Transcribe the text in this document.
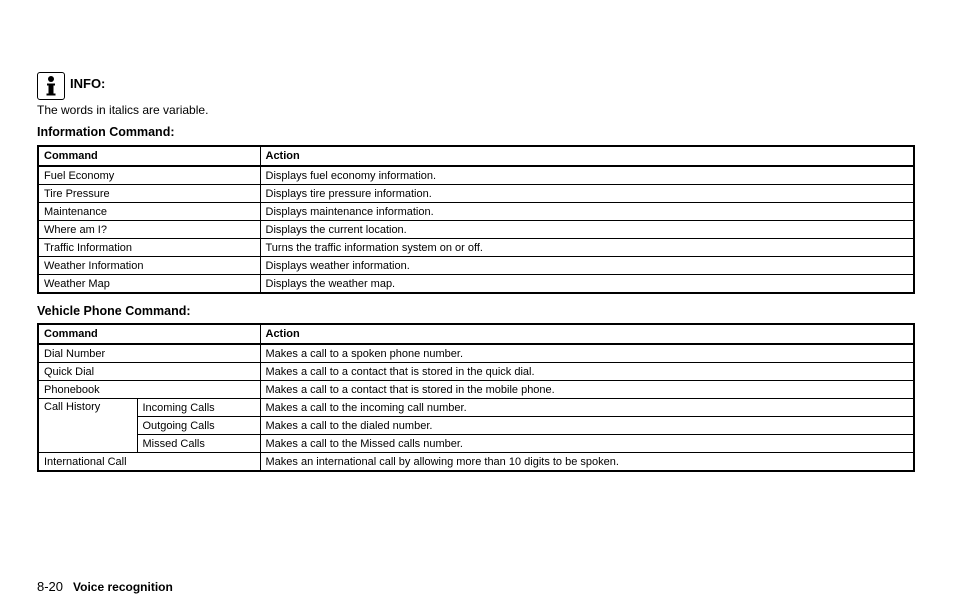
INFO:
The words in italics are variable.
Information Command:
Command	Action
Fuel Economy	Displays fuel economy information.
Tire Pressure	Displays tire pressure information.
Maintenance	Displays maintenance information.
Where am I?	Displays the current location.
Traffic Information	Turns the traffic information system on or off.
Weather Information	Displays weather information.
Weather Map	Displays the weather map.
Vehicle Phone Command:
Command		Action
Dial Number		Makes a call to a spoken phone number.
Quick Dial		Makes a call to a contact that is stored in the quick dial.
Phonebook		Makes a call to a contact that is stored in the mobile phone.
Call History	Incoming Calls	Makes a call to the incoming call number.
	Outgoing Calls	Makes a call to the dialed number.
	Missed Calls	Makes a call to the Missed calls number.
International Call		Makes an international call by allowing more than 10 digits to be spoken.
8-20 Voice recognition
